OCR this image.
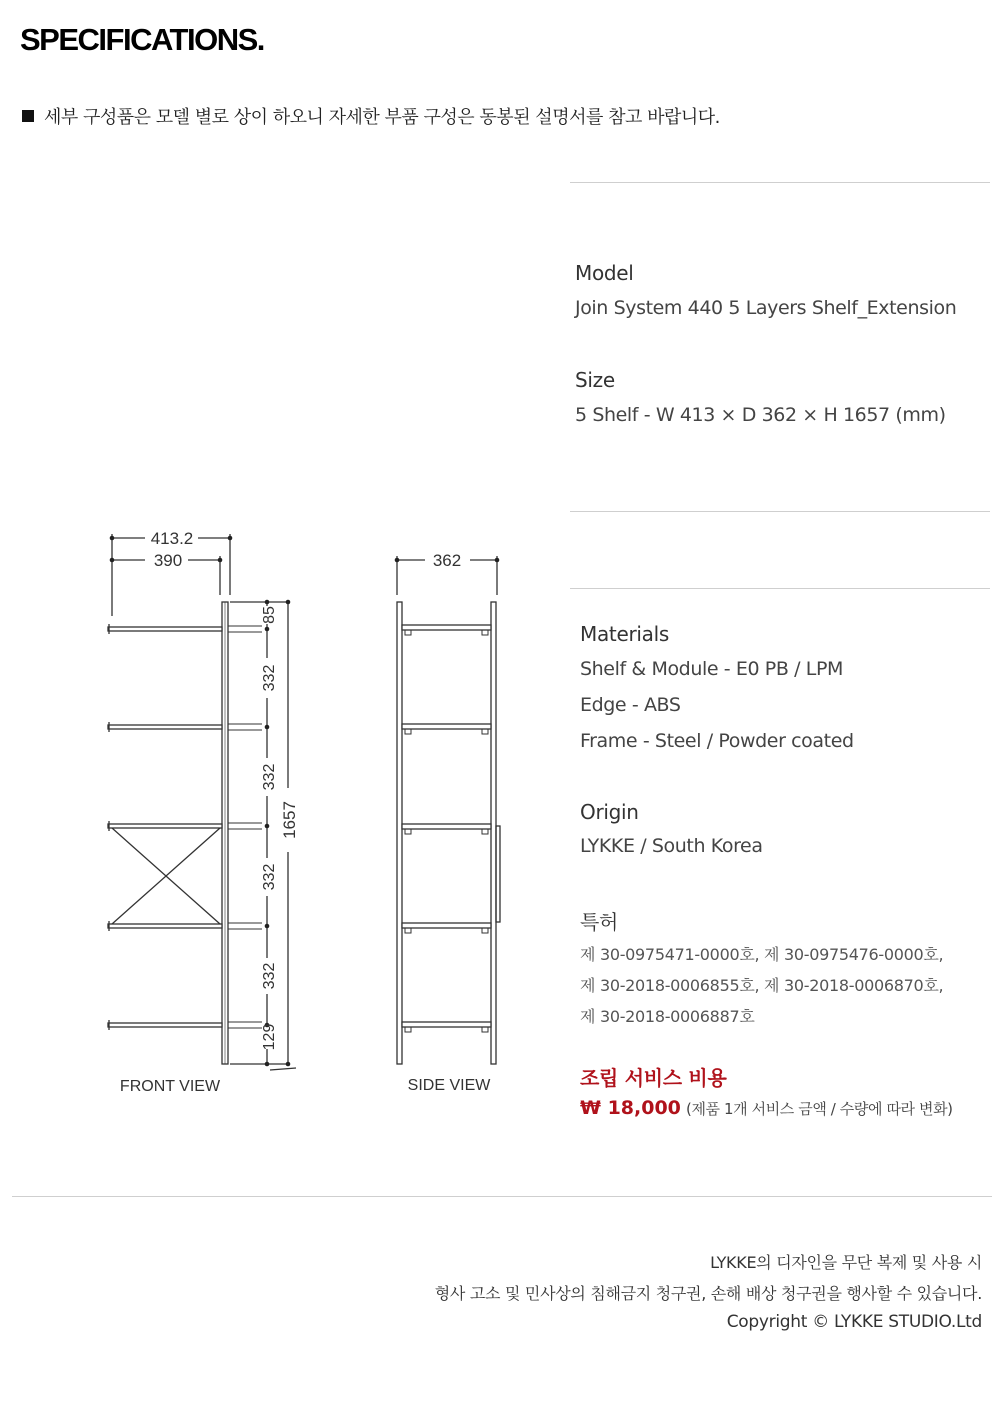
SPECIFICATIONS.
세부 구성품은 모델 별로 상이 하오니 자세한 부품 구성은 동봉된 설명서를 참고 바랍니다.
Model
Join System 440 5 Layers Shelf_Extension
Size
5 Shelf - W 413 × D 362 × H 1657 (mm)
Materials
Shelf & Module - E0 PB / LPM
Edge - ABS
Frame - Steel / Powder coated
Origin
LYKKE / South Korea
특허
제 30-0975471-0000호, 제 30-0975476-0000호,
제 30-2018-0006855호, 제 30-2018-0006870호,
제 30-2018-0006887호
조립 서비스 비용
₩ 18,000 (제품 1개 서비스 금액 / 수량에 따라 변화)
413.2
390
85
332
332
332
332
129
1657
FRONT VIEW
362
SIDE VIEW
LYKKE의 디자인을 무단 복제 및 사용 시
형사 고소 및 민사상의 침해금지 청구권, 손해 배상 청구권을 행사할 수 있습니다.
Copyright © LYKKE STUDIO.Ltd
